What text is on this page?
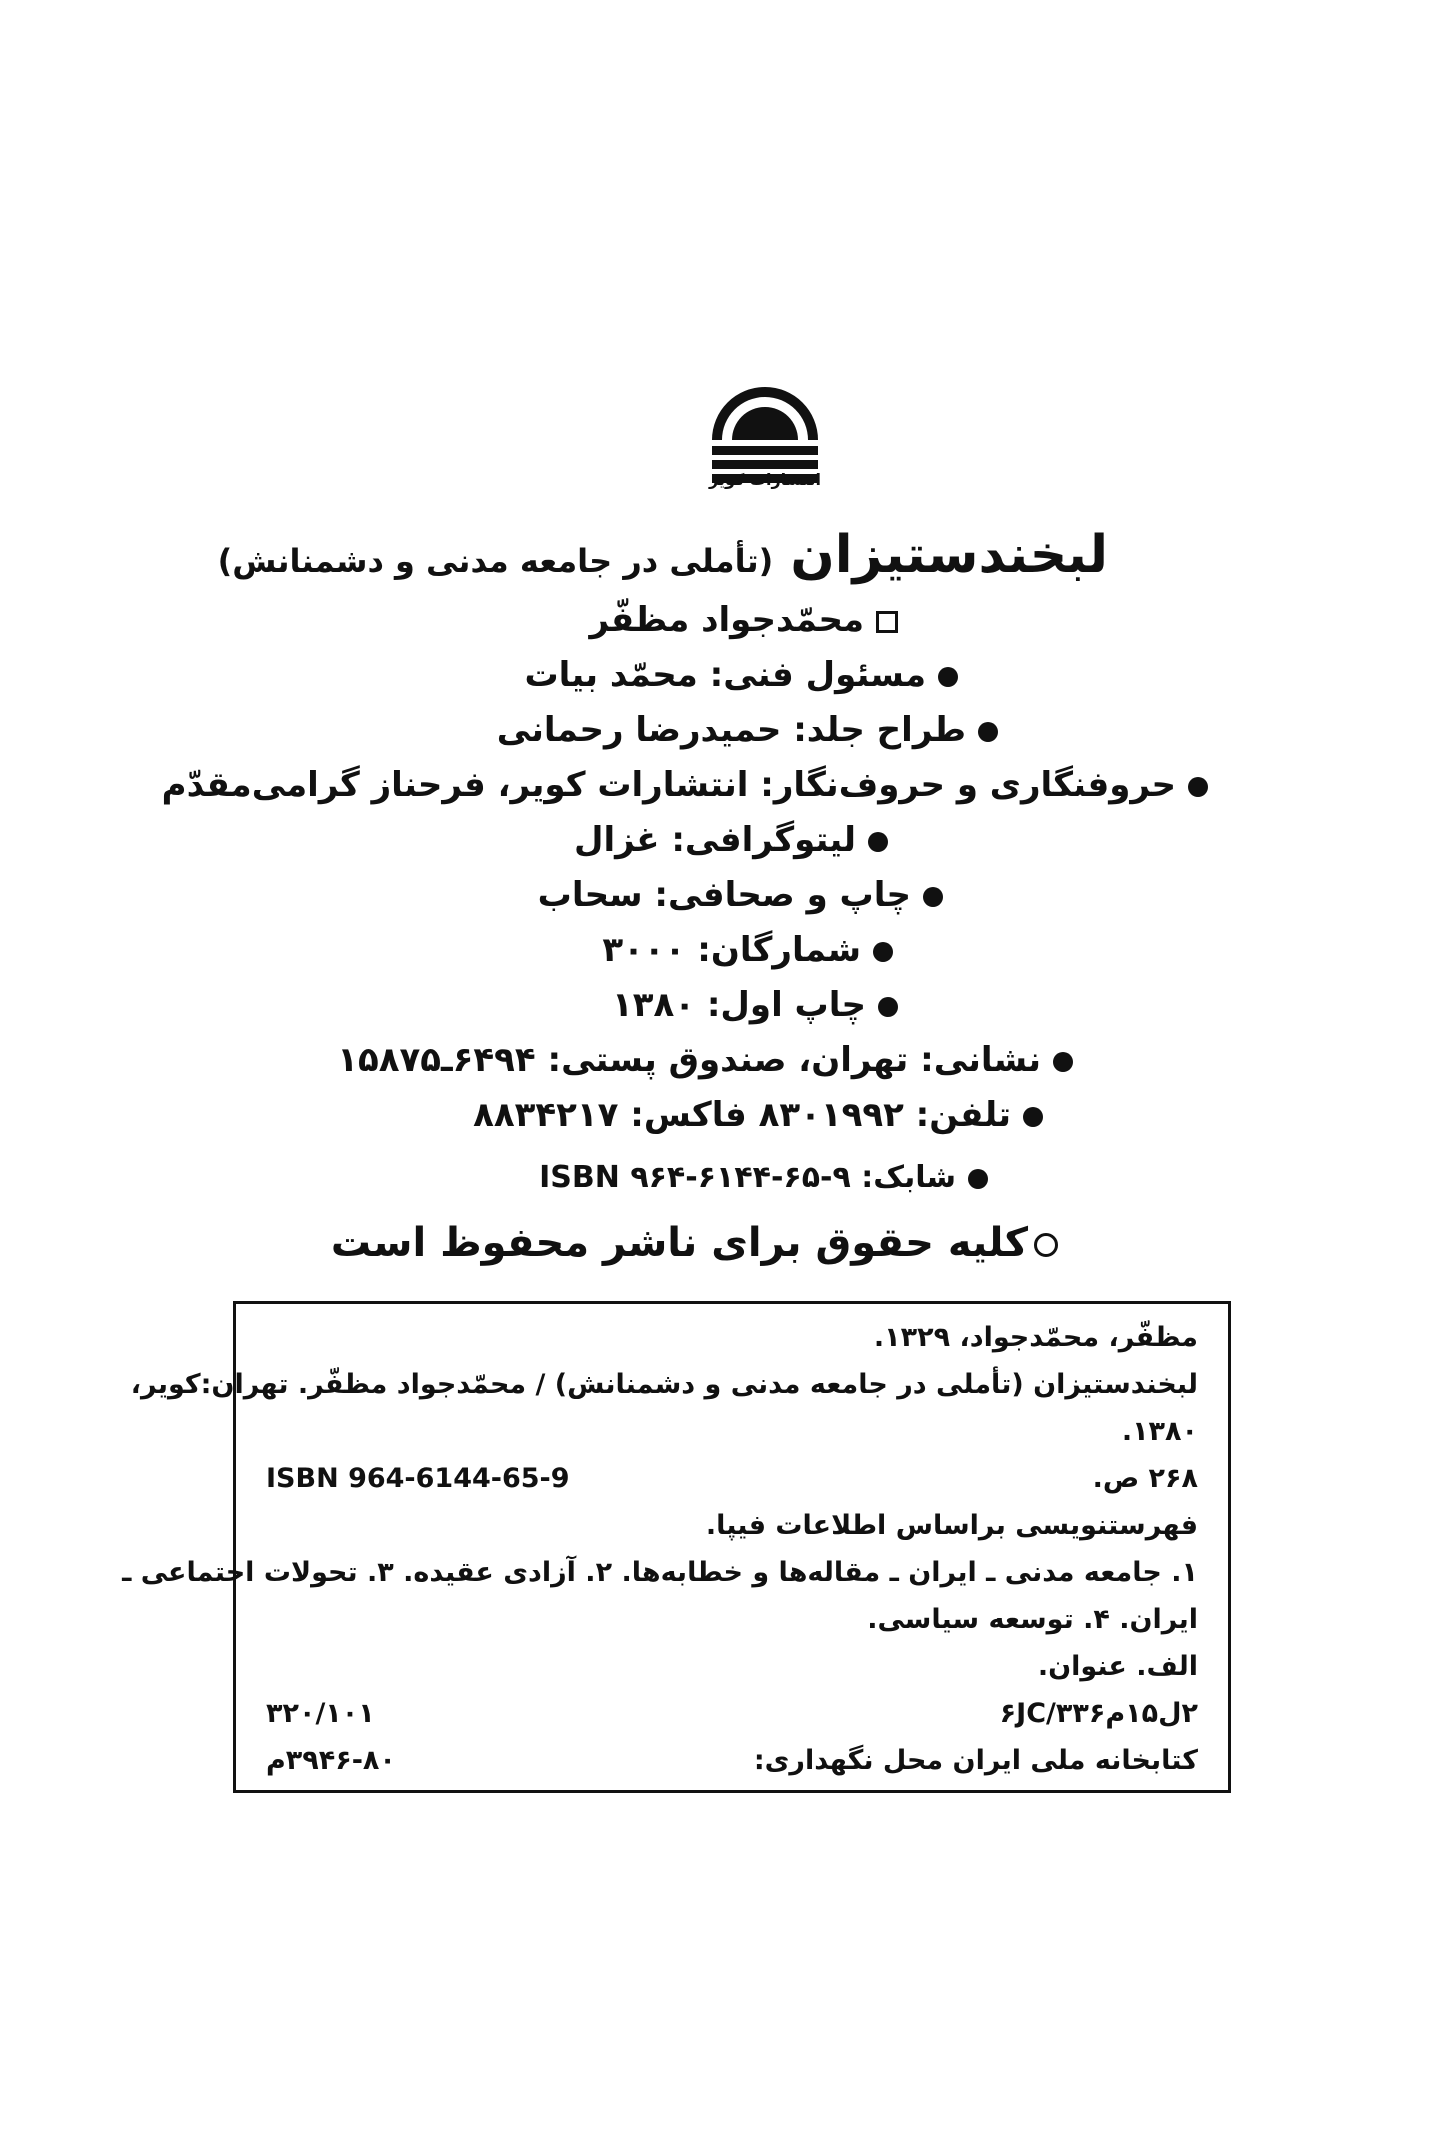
انتشارات کویر
لبخندستیزان (تأملی در جامعه مدنی و دشمنانش)
محمّدجواد مظفّر
مسئول فنی: محمّد بیات
طراح جلد: حمیدرضا رحمانی
حروفنگاری و حروف‌نگار: انتشارات کویر، فرحناز گرامی‌مقدّم
لیتوگرافی: غزال
چاپ و صحافی: سحاب
شمارگان: ۳۰۰۰
چاپ اول: ۱۳۸۰
نشانی: تهران، صندوق پستی: ۶۴۹۴ـ۱۵۸۷۵
تلفن: ۸۳۰۱۹۹۲ فاکس: ۸۸۳۴۲۱۷
شابک: ۹-۶۵-۶۱۴۴-۹۶۴ ISBN
کلیه حقوق برای ناشر محفوظ است
مظفّر، محمّدجواد، ۱۳۲۹.
لبخندستیزان (تأملی در جامعه مدنی و دشمنانش) / محمّدجواد مظفّر. تهران:کویر،
۱۳۸۰.
۲۶۸ ص.
ISBN 964-6144-65-9
فهرستنویسی براساس اطلاعات فیپا.
۱. جامعه مدنی ـ ایران ـ مقاله‌ها و خطابه‌ها. ۲. آزادی عقیده. ۳. تحولات اجتماعی ـ
ایران. ۴. توسعه سیاسی.
الف. عنوان.
۲ل۱۵م۶JC/۳۳۶
۳۲۰/۱۰۱
کتابخانه ملی ایران محل نگهداری:
۳۹۴۶-۸۰م
